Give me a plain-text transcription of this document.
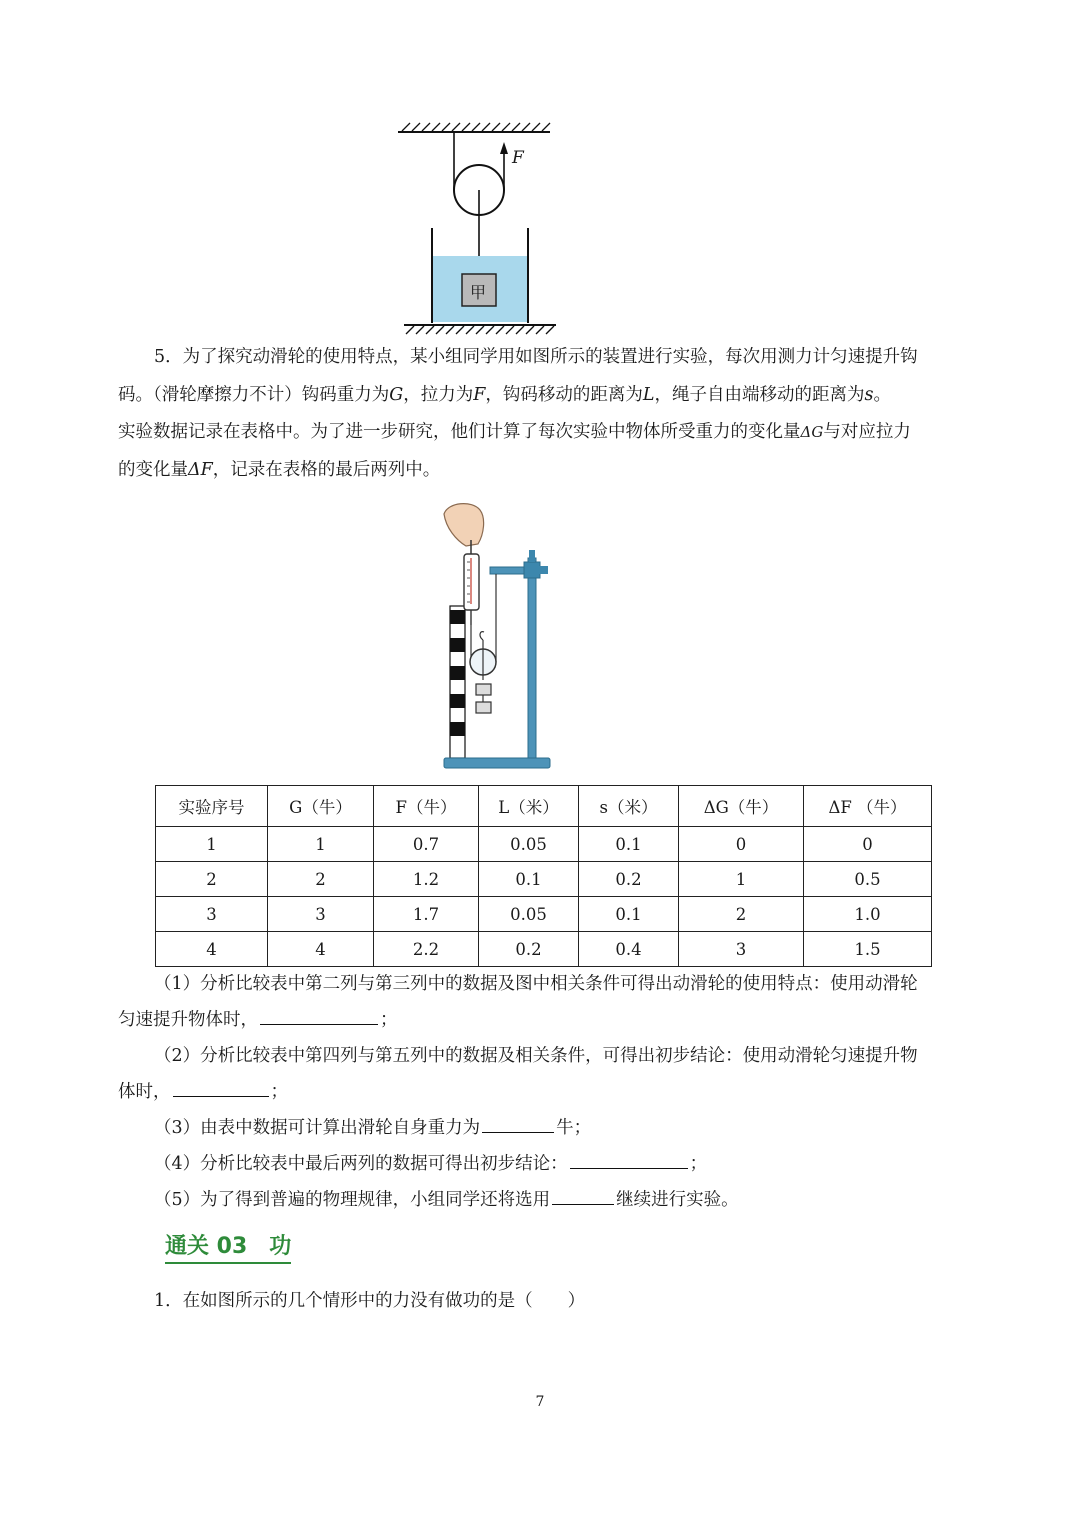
F
甲

5．为了探究动滑轮的使用特点，某小组同学用如图所示的装置进行实验，每次用测力计匀速提升钩

码。（滑轮摩擦力不计）钩码重力为G，拉力为F，钩码移动的距离为L，绳子自由端移动的距离为s。

实验数据记录在表格中。为了进一步研究，他们计算了每次实验中物体所受重力的变化量ΔG与对应拉力

的变化量ΔF，记录在表格的最后两列中。

实验序号	G（牛）	F（牛）	L（米）	s（米）	ΔG（牛）	ΔF （牛）
1	1	0.7	0.05	0.1	0	0
2	2	1.2	0.1	0.2	1	0.5
3	3	1.7	0.05	0.1	2	1.0
4	4	2.2	0.2	0.4	3	1.5
（1）分析比较表中第二列与第三列中的数据及图中相关条件可得出动滑轮的使用特点：使用动滑轮
匀速提升物体时，	；
（2）分析比较表中第四列与第五列中的数据及相关条件，可得出初步结论：使用动滑轮匀速提升物
体时，	；
（3）由表中数据可计算出滑轮自身重力为	牛；
（4）分析比较表中最后两列的数据可得出初步结论：	；
（5）为了得到普遍的物理规律，小组同学还将选用	继续进行实验。
通关 03　功
1．在如图所示的几个情形中的力没有做功的是（　　）
7
